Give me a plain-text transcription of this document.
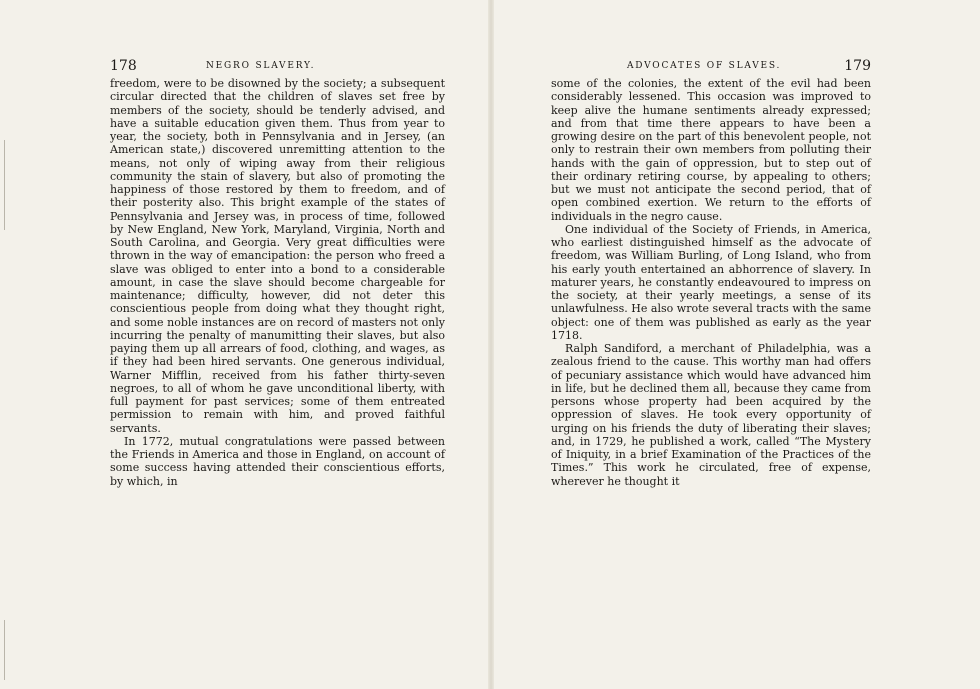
178	NEGRO SLAVERY.

freedom, were to be disowned by the society; a subsequent circular directed that the children of slaves set free by members of the society, should be tenderly advised, and have a suitable education given them. Thus from year to year, the society, both in Pennsylvania and in Jersey, (an American state,) discovered unremitting attention to the means, not only of wiping away from their religious community the stain of slavery, but also of promoting the happiness of those restored by them to freedom, and of their posterity also. This bright example of the states of Pennsylvania and Jersey was, in process of time, followed by New England, New York, Maryland, Virginia, North and South Carolina, and Georgia. Very great difficulties were thrown in the way of emancipation: the person who freed a slave was obliged to enter into a bond to a considerable amount, in case the slave should become chargeable for maintenance; difficulty, however, did not deter this conscientious people from doing what they thought right, and some noble instances are on record of masters not only incurring the penalty of manumitting their slaves, but also paying them up all arrears of food, clothing, and wages, as if they had been hired servants. One generous individual, Warner Mifflin, received from his father thirty-seven negroes, to all of whom he gave unconditional liberty, with full payment for past services; some of them entreated permission to remain with him, and proved faithful servants.

In 1772, mutual congratulations were passed between the Friends in America and those in England, on account of some success having attended their conscientious efforts, by which, in

ADVOCATES OF SLAVES.	179

some of the colonies, the extent of the evil had been considerably lessened. This occasion was improved to keep alive the humane sentiments already expressed; and from that time there appears to have been a growing desire on the part of this benevolent people, not only to restrain their own members from polluting their hands with the gain of oppression, but to step out of their ordinary retiring course, by appealing to others; but we must not anticipate the second period, that of open combined exertion. We return to the efforts of individuals in the negro cause.

One individual of the Society of Friends, in America, who earliest distinguished himself as the advocate of freedom, was William Burling, of Long Island, who from his early youth entertained an abhorrence of slavery. In maturer years, he constantly endeavoured to impress on the society, at their yearly meetings, a sense of its unlawfulness. He also wrote several tracts with the same object: one of them was published as early as the year 1718.

Ralph Sandiford, a merchant of Philadelphia, was a zealous friend to the cause. This worthy man had offers of pecuniary assistance which would have advanced him in life, but he declined them all, because they came from persons whose property had been acquired by the oppression of slaves. He took every opportunity of urging on his friends the duty of liberating their slaves; and, in 1729, he published a work, called “The Mystery of Iniquity, in a brief Examination of the Practices of the Times.” This work he circulated, free of expense, wherever he thought it
